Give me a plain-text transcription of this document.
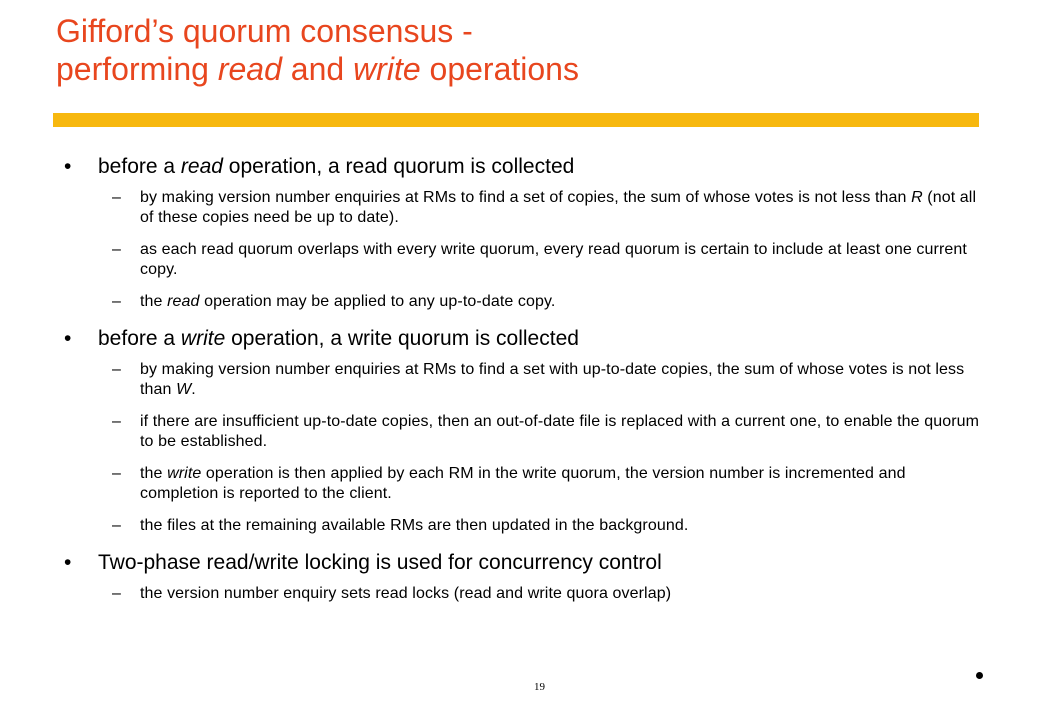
Gifford’s quorum consensus -
performing read and write operations
• before a read operation, a read quorum is collected
– by making version number enquiries at RMs to find a set of copies, the sum of whose votes is not less than R (not all of these copies need be up to date).
– as each read quorum overlaps with every write quorum, every read quorum is certain to include at least one current copy.
– the read operation may be applied to any up-to-date copy.
• before a write operation, a write quorum is collected
– by making version number enquiries at RMs to find a set with up-to-date copies, the sum of whose votes is not less than W.
– if there are insufficient up-to-date copies, then an out-of-date file is replaced with a current one, to enable the quorum to be established.
– the write operation is then applied by each RM in the write quorum, the version number is incremented and completion is reported to the client.
– the files at the remaining available RMs are then updated in the background.
• Two-phase read/write locking is used for concurrency control
– the version number enquiry sets read locks (read and write quora overlap)
19
